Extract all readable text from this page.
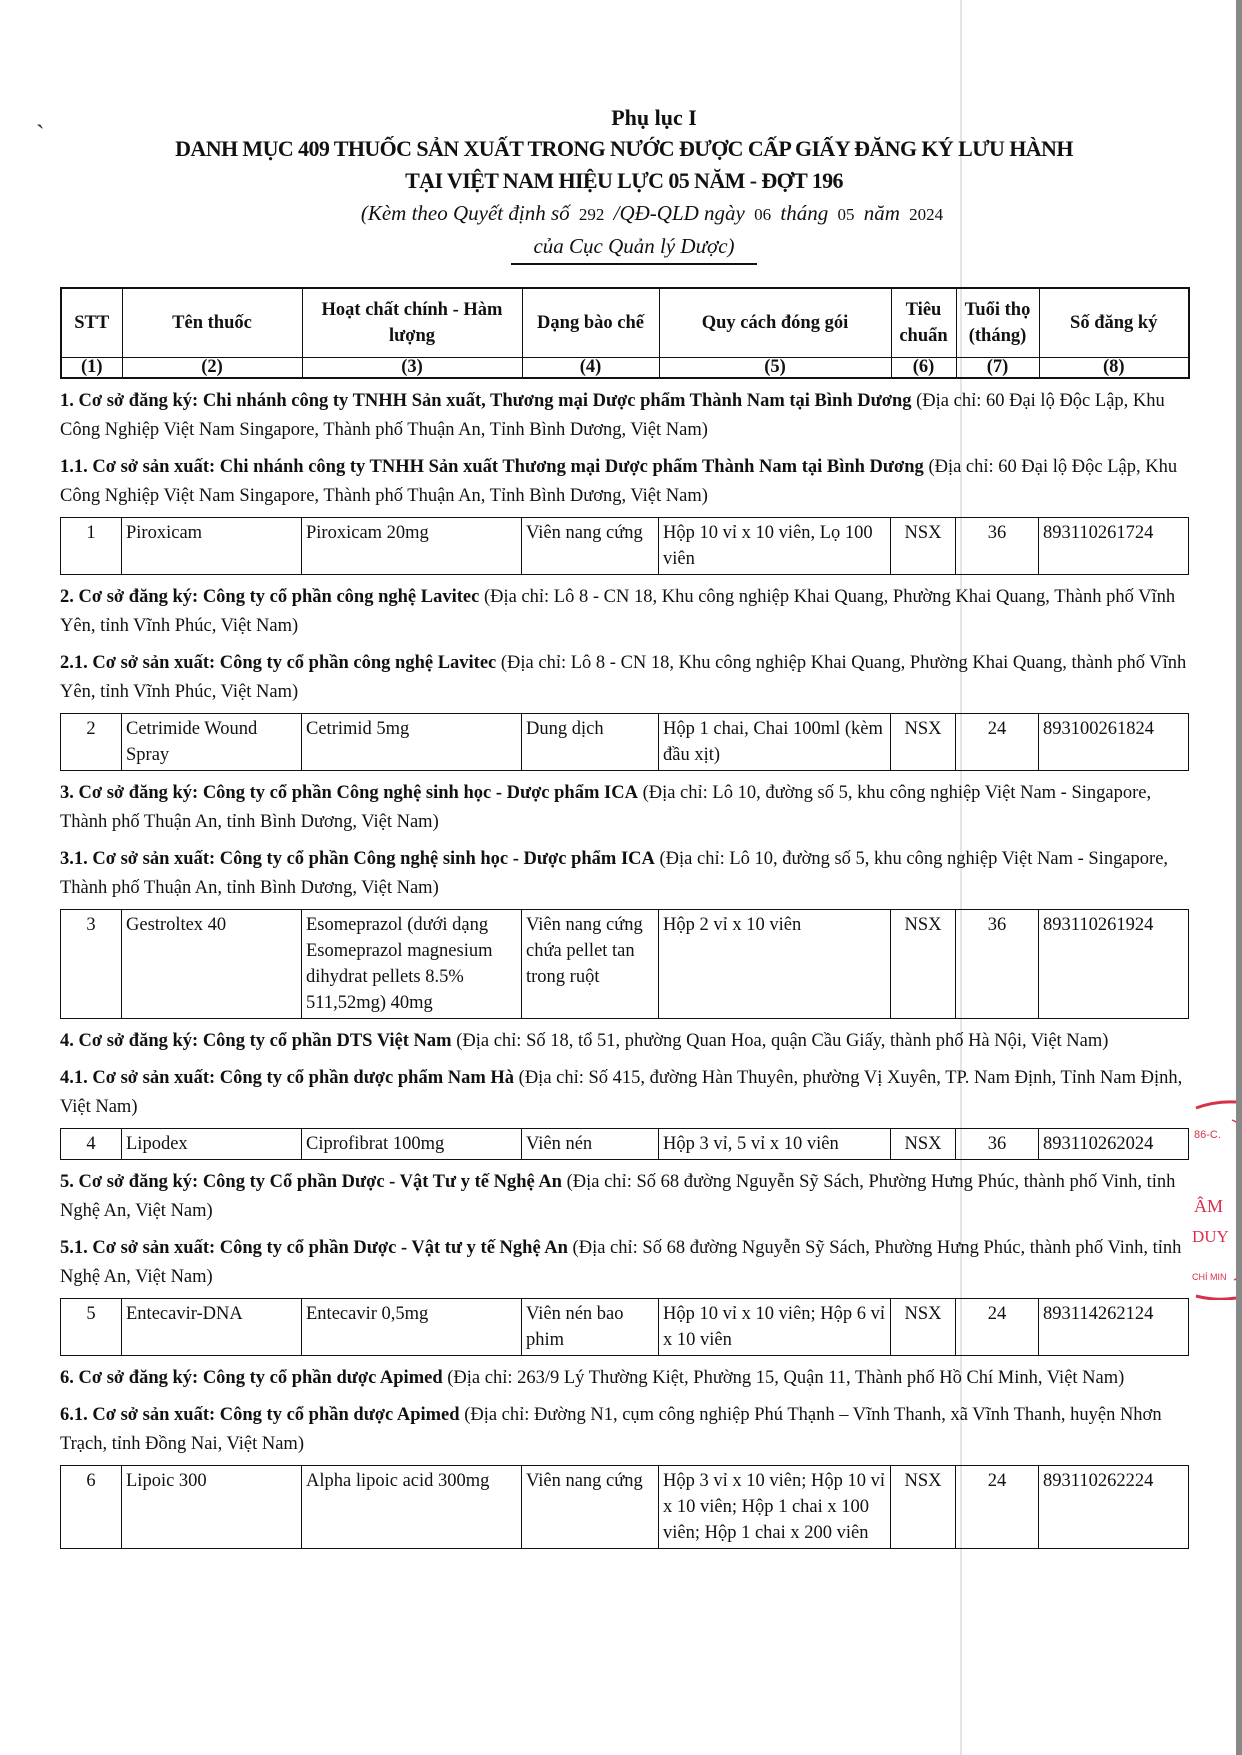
ˎ	Phụ lục I
DANH MỤC 409 THUỐC SẢN XUẤT TRONG NƯỚC ĐƯỢC CẤP GIẤY ĐĂNG KÝ LƯU HÀNH
TẠI VIỆT NAM HIỆU LỰC 05 NĂM - ĐỢT 196
(Kèm theo Quyết định số 292 /QĐ-QLD ngày 06 tháng 05 năm 2024
của Cục Quản lý Dược)
STT	Tên thuốc	Hoạt chất chính - Hàm lượng	Dạng bào chế	Quy cách đóng gói	Tiêu chuẩn	Tuổi thọ (tháng)	Số đăng ký
(1)	(2)	(3)	(4)	(5)	(6)	(7)	(8)
1. Cơ sở đăng ký: Chi nhánh công ty TNHH Sản xuất, Thương mại Dược phẩm Thành Nam tại Bình Dương (Địa chỉ: 60 Đại lộ Độc Lập, Khu Công Nghiệp Việt Nam Singapore, Thành phố Thuận An, Tỉnh Bình Dương, Việt Nam)
1.1. Cơ sở sản xuất: Chi nhánh công ty TNHH Sản xuất Thương mại Dược phẩm Thành Nam tại Bình Dương (Địa chỉ: 60 Đại lộ Độc Lập, Khu Công Nghiệp Việt Nam Singapore, Thành phố Thuận An, Tỉnh Bình Dương, Việt Nam)
1	Piroxicam	Piroxicam 20mg	Viên nang cứng	Hộp 10 vỉ x 10 viên, Lọ 100 viên	NSX	36	893110261724
2. Cơ sở đăng ký: Công ty cổ phần công nghệ Lavitec (Địa chỉ: Lô 8 - CN 18, Khu công nghiệp Khai Quang, Phường Khai Quang, Thành phố Vĩnh Yên, tỉnh Vĩnh Phúc, Việt Nam)
2.1. Cơ sở sản xuất: Công ty cổ phần công nghệ Lavitec (Địa chỉ: Lô 8 - CN 18, Khu công nghiệp Khai Quang, Phường Khai Quang, thành phố Vĩnh Yên, tỉnh Vĩnh Phúc, Việt Nam)
2	Cetrimide Wound Spray	Cetrimid 5mg	Dung dịch	Hộp 1 chai, Chai 100ml (kèm đầu xịt)	NSX	24	893100261824
3. Cơ sở đăng ký: Công ty cổ phần Công nghệ sinh học - Dược phẩm ICA (Địa chỉ: Lô 10, đường số 5, khu công nghiệp Việt Nam - Singapore, Thành phố Thuận An, tỉnh Bình Dương, Việt Nam)
3.1. Cơ sở sản xuất: Công ty cổ phần Công nghệ sinh học - Dược phẩm ICA (Địa chỉ: Lô 10, đường số 5, khu công nghiệp Việt Nam - Singapore, Thành phố Thuận An, tỉnh Bình Dương, Việt Nam)
3	Gestroltex 40	Esomeprazol (dưới dạng Esomeprazol magnesium dihydrat pellets 8.5% 511,52mg) 40mg	Viên nang cứng chứa pellet tan trong ruột	Hộp 2 vỉ x 10 viên	NSX	36	893110261924
4. Cơ sở đăng ký: Công ty cổ phần DTS Việt Nam (Địa chỉ: Số 18, tổ 51, phường Quan Hoa, quận Cầu Giấy, thành phố Hà Nội, Việt Nam)
4.1. Cơ sở sản xuất: Công ty cổ phần dược phẩm Nam Hà (Địa chỉ: Số 415, đường Hàn Thuyên, phường Vị Xuyên, TP. Nam Định, Tỉnh Nam Định, Việt Nam)
4	Lipodex	Ciprofibrat 100mg	Viên nén	Hộp 3 vỉ, 5 vỉ x 10 viên	NSX	36	893110262024
5. Cơ sở đăng ký: Công ty Cổ phần Dược - Vật Tư y tế Nghệ An (Địa chỉ: Số 68 đường Nguyễn Sỹ Sách, Phường Hưng Phúc, thành phố Vinh, tỉnh Nghệ An, Việt Nam)
5.1. Cơ sở sản xuất: Công ty cổ phần Dược - Vật tư y tế Nghệ An (Địa chỉ: Số 68 đường Nguyễn Sỹ Sách, Phường Hưng Phúc, thành phố Vinh, tỉnh Nghệ An, Việt Nam)
5	Entecavir-DNA	Entecavir 0,5mg	Viên nén bao phim	Hộp 10 vỉ x 10 viên; Hộp 6 vỉ x 10 viên	NSX	24	893114262124
6. Cơ sở đăng ký: Công ty cổ phần dược Apimed (Địa chỉ: 263/9 Lý Thường Kiệt, Phường 15, Quận 11, Thành phố Hồ Chí Minh, Việt Nam)
6.1. Cơ sở sản xuất: Công ty cổ phần dược Apimed (Địa chỉ: Đường N1, cụm công nghiệp Phú Thạnh – Vĩnh Thanh, xã Vĩnh Thanh, huyện Nhơn Trạch, tỉnh Đồng Nai, Việt Nam)
6	Lipoic 300	Alpha lipoic acid 300mg	Viên nang cứng	Hộp 3 vỉ x 10 viên; Hộp 10 vỉ x 10 viên; Hộp 1 chai x 100 viên; Hộp 1 chai x 200 viên	NSX	24	893110262224
86-C.
ÂM
DUY
CHÍ MIN
